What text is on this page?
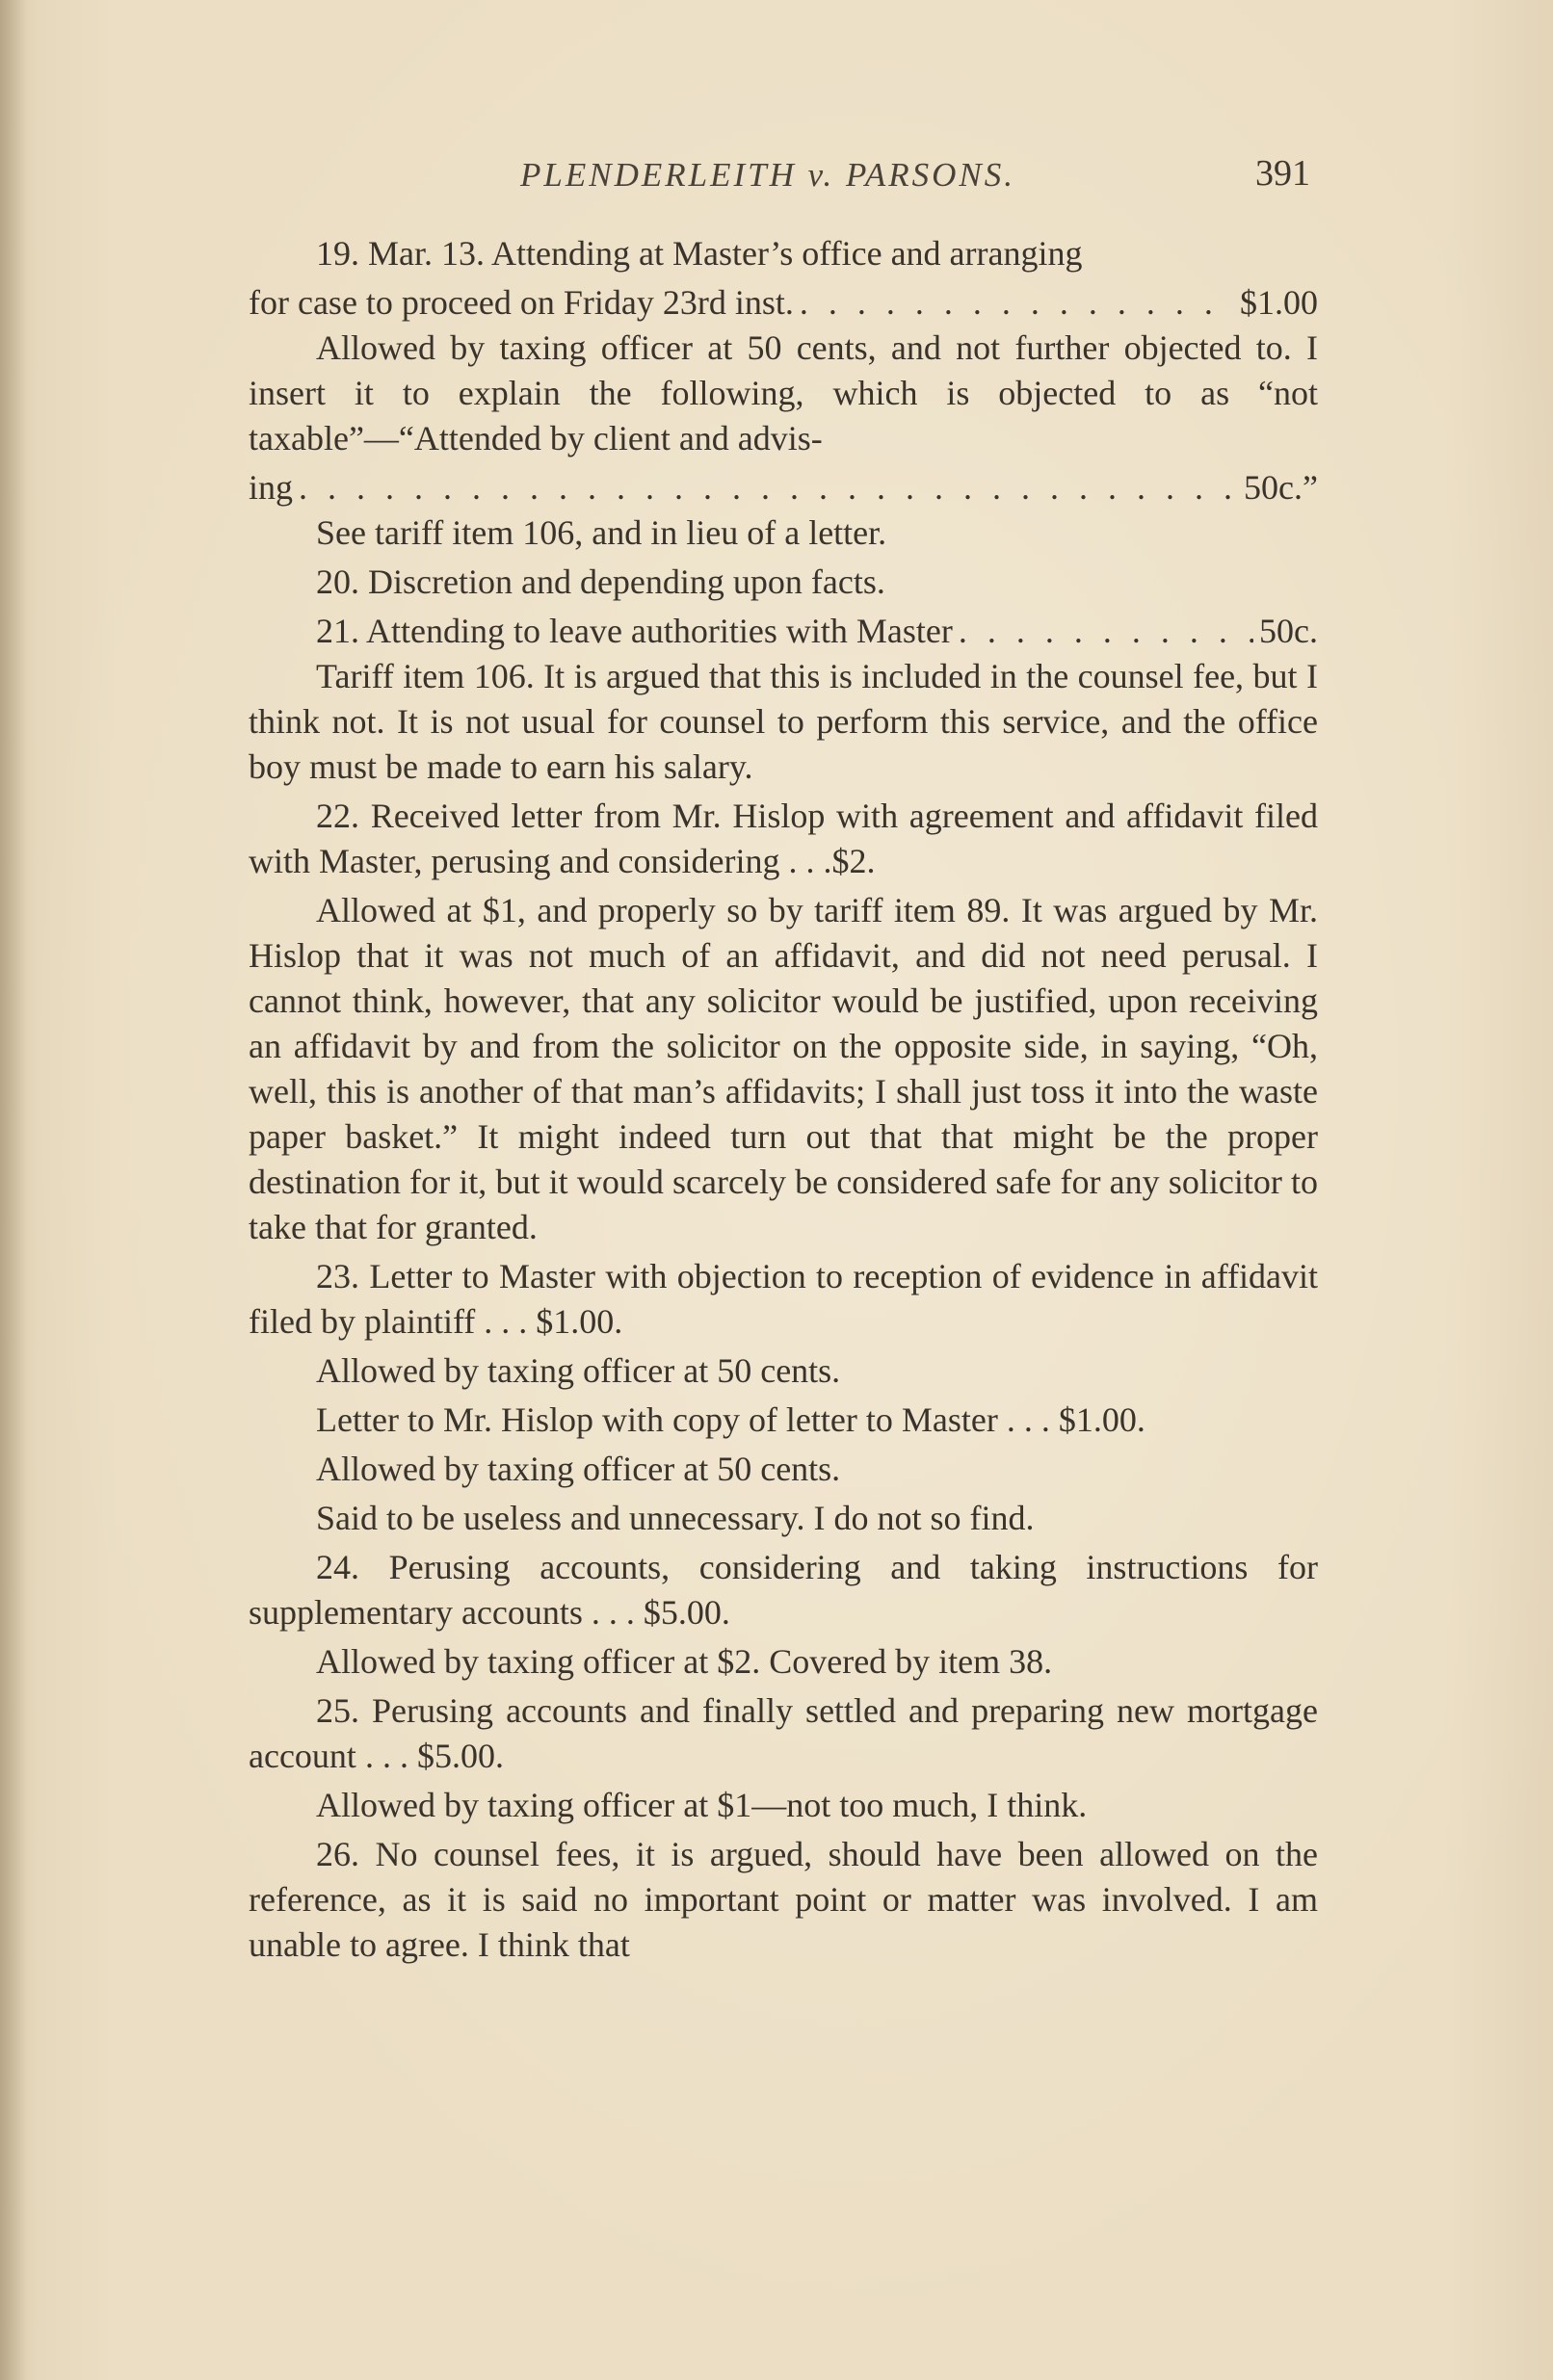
PLENDERLEITH v. PARSONS.	391

19. Mar. 13. Attending at Master’s office and arranging

for case to proceed on Friday 23rd inst. . . .	$1.00

Allowed by taxing officer at 50 cents, and not further objected to. I insert it to explain the following, which is objected to as “not taxable”—“Attended by client and advis-

ing . . .	50c.”

See tariff item 106, and in lieu of a letter.

20. Discretion and depending upon facts.

21. Attending to leave authorities with Master . . .	50c.

Tariff item 106. It is argued that this is included in the counsel fee, but I think not. It is not usual for counsel to perform this service, and the office boy must be made to earn his salary.

22. Received letter from Mr. Hislop with agreement and affidavit filed with Master, perusing and considering . . .$2.

Allowed at $1, and properly so by tariff item 89. It was argued by Mr. Hislop that it was not much of an affidavit, and did not need perusal. I cannot think, however, that any solicitor would be justified, upon receiving an affidavit by and from the solicitor on the opposite side, in saying, “Oh, well, this is another of that man’s affidavits; I shall just toss it into the waste paper basket.” It might indeed turn out that that might be the proper destination for it, but it would scarcely be considered safe for any solicitor to take that for granted.

23. Letter to Master with objection to reception of evidence in affidavit filed by plaintiff . . . $1.00.

Allowed by taxing officer at 50 cents.

Letter to Mr. Hislop with copy of letter to Master . . . $1.00.

Allowed by taxing officer at 50 cents.

Said to be useless and unnecessary. I do not so find.

24. Perusing accounts, considering and taking instructions for supplementary accounts . . . $5.00.

Allowed by taxing officer at $2. Covered by item 38.

25. Perusing accounts and finally settled and preparing new mortgage account . . . $5.00.

Allowed by taxing officer at $1—not too much, I think.

26. No counsel fees, it is argued, should have been allowed on the reference, as it is said no important point or matter was involved. I am unable to agree. I think that
